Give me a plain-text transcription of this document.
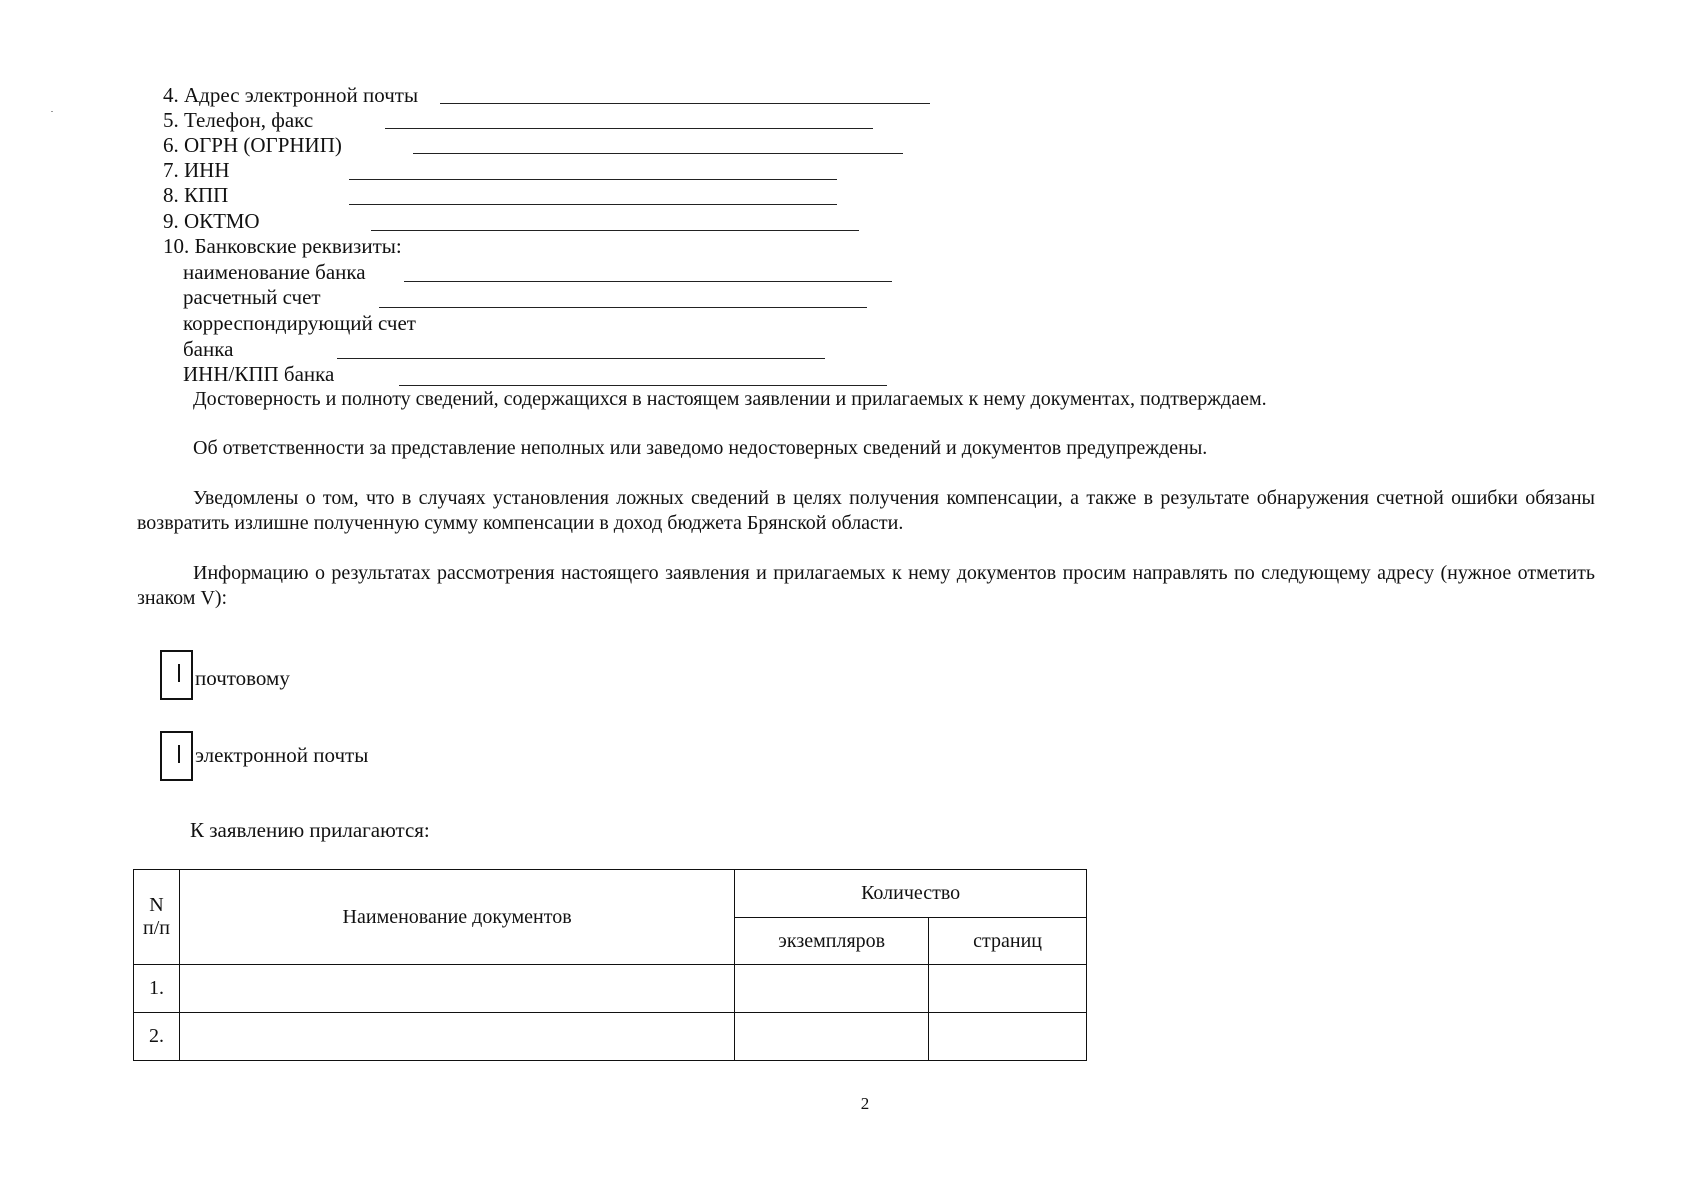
4. Адрес электронной почты
5. Телефон, факс
6. ОГРН (ОГРНИП)
7. ИНН
8. КПП
9. ОКТМО
10. Банковские реквизиты:
наименование банка
расчетный счет
корреспондирующий счет
банка
ИНН/КПП банка
Достоверность и полноту сведений, содержащихся в настоящем заявлении и прилагаемых к нему документах, подтверждаем.
Об ответственности за представление неполных или заведомо недостоверных сведений и документов предупреждены.
Уведомлены о том, что в случаях установления ложных сведений в целях получения компенсации, а также в результате обнаружения счетной ошибки обязаны возвратить излишне полученную сумму компенсации в доход бюджета Брянской области.
Информацию о результатах рассмотрения настоящего заявления и прилагаемых к нему документов просим направлять по следующему адресу (нужное отметить знаком V):
почтовому
электронной почты
К заявлению прилагаются:
N
п/п	Наименование документов	Количество	
		экземпляров	страниц
1.			
2.			
2
